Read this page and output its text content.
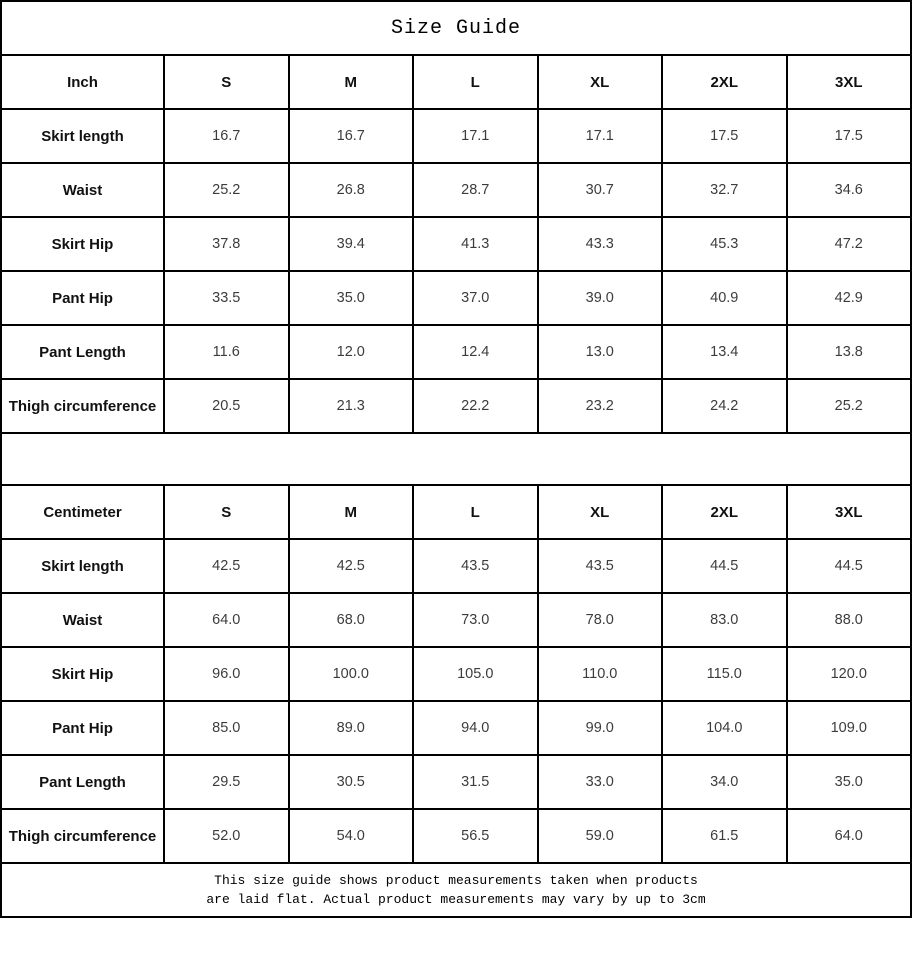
Size Guide						
Inch	S	M	L	XL	2XL	3XL
Skirt length	16.7	16.7	17.1	17.1	17.5	17.5
Waist	25.2	26.8	28.7	30.7	32.7	34.6
Skirt Hip	37.8	39.4	41.3	43.3	45.3	47.2
Pant Hip	33.5	35.0	37.0	39.0	40.9	42.9
Pant Length	11.6	12.0	12.4	13.0	13.4	13.8
Thigh circumference	20.5	21.3	22.2	23.2	24.2	25.2

Centimeter	S	M	L	XL	2XL	3XL
Skirt length	42.5	42.5	43.5	43.5	44.5	44.5
Waist	64.0	68.0	73.0	78.0	83.0	88.0
Skirt Hip	96.0	100.0	105.0	110.0	115.0	120.0
Pant Hip	85.0	89.0	94.0	99.0	104.0	109.0
Pant Length	29.5	30.5	31.5	33.0	34.0	35.0
Thigh circumference	52.0	54.0	56.5	59.0	61.5	64.0

This size guide shows product measurements taken when products
are laid flat. Actual product measurements may vary by up to 3cm						
